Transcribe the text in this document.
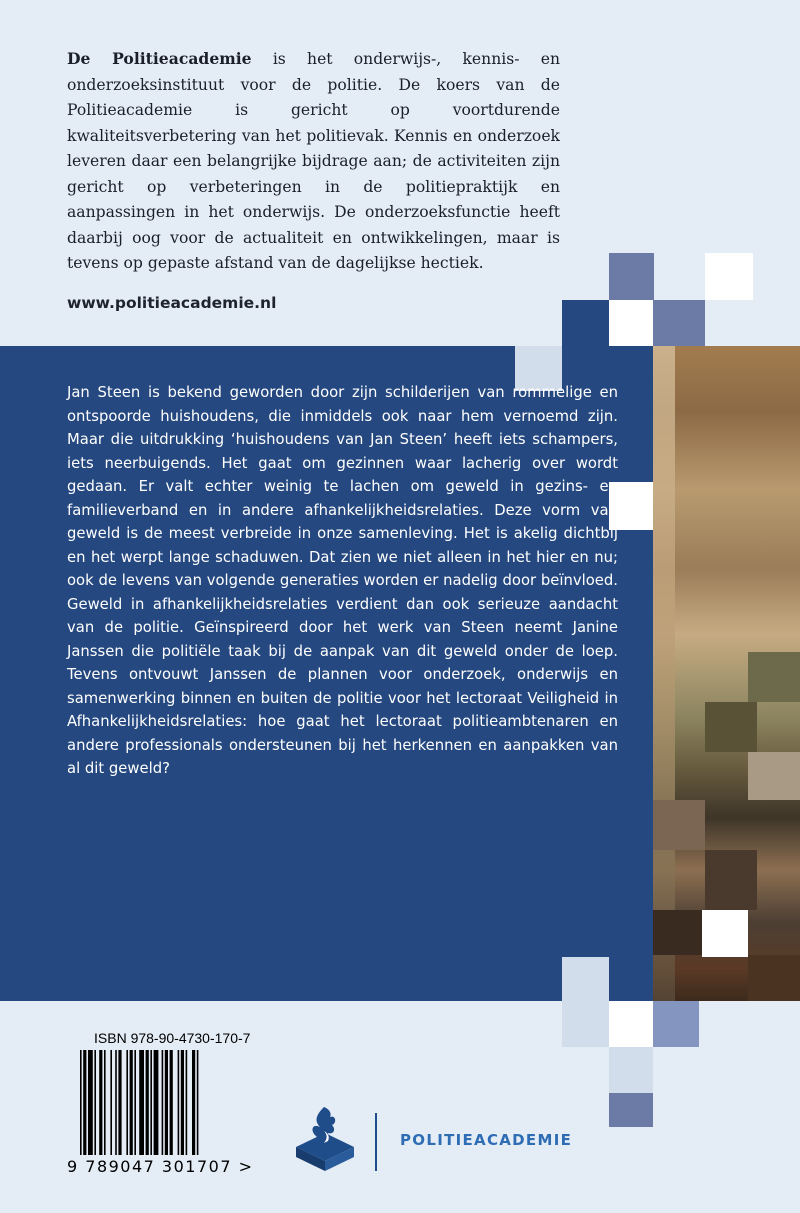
De Politieacademie is het onderwijs-, kennis- en onderzoeksinstituut voor de politie. De koers van de Politieacademie is gericht op voortdurende kwaliteitsverbetering van het politievak. Kennis en onderzoek leveren daar een belangrijke bijdrage aan; de activiteiten zijn gericht op verbeteringen in de politiepraktijk en aanpassingen in het onderwijs. De onderzoeksfunctie heeft daarbij oog voor de actualiteit en ontwikkelingen, maar is tevens op gepaste afstand van de dagelijkse hectiek.

www.politieacademie.nl

Jan Steen is bekend geworden door zijn schilderijen van rommelige en ontspoorde huishoudens, die inmiddels ook naar hem vernoemd zijn. Maar die uitdrukking ‘huishoudens van Jan Steen’ heeft iets schampers, iets neerbuigends. Het gaat om gezinnen waar lacherig over wordt gedaan. Er valt echter weinig te lachen om geweld in gezins- en familieverband en in andere afhankelijkheidsrelaties. Deze vorm van geweld is de meest verbreide in onze samenleving. Het is akelig dichtbij en het werpt lange schaduwen. Dat zien we niet alleen in het hier en nu; ook de levens van volgende generaties worden er nadelig door beïnvloed. Geweld in afhankelijkheidsrelaties verdient dan ook serieuze aandacht van de politie. Geïnspireerd door het werk van Steen neemt Janine Janssen die politiële taak bij de aanpak van dit geweld onder de loep. Tevens ontvouwt Janssen de plannen voor onderzoek, onderwijs en samenwerking binnen en buiten de politie voor het lectoraat Veiligheid in Afhankelijkheidsrelaties: hoe gaat het lectoraat politieambtenaren en andere professionals ondersteunen bij het herkennen en aanpakken van al dit geweld?

ISBN 978-90-4730-170-7

9 789047 301707 >

POLITIEACADEMIE
